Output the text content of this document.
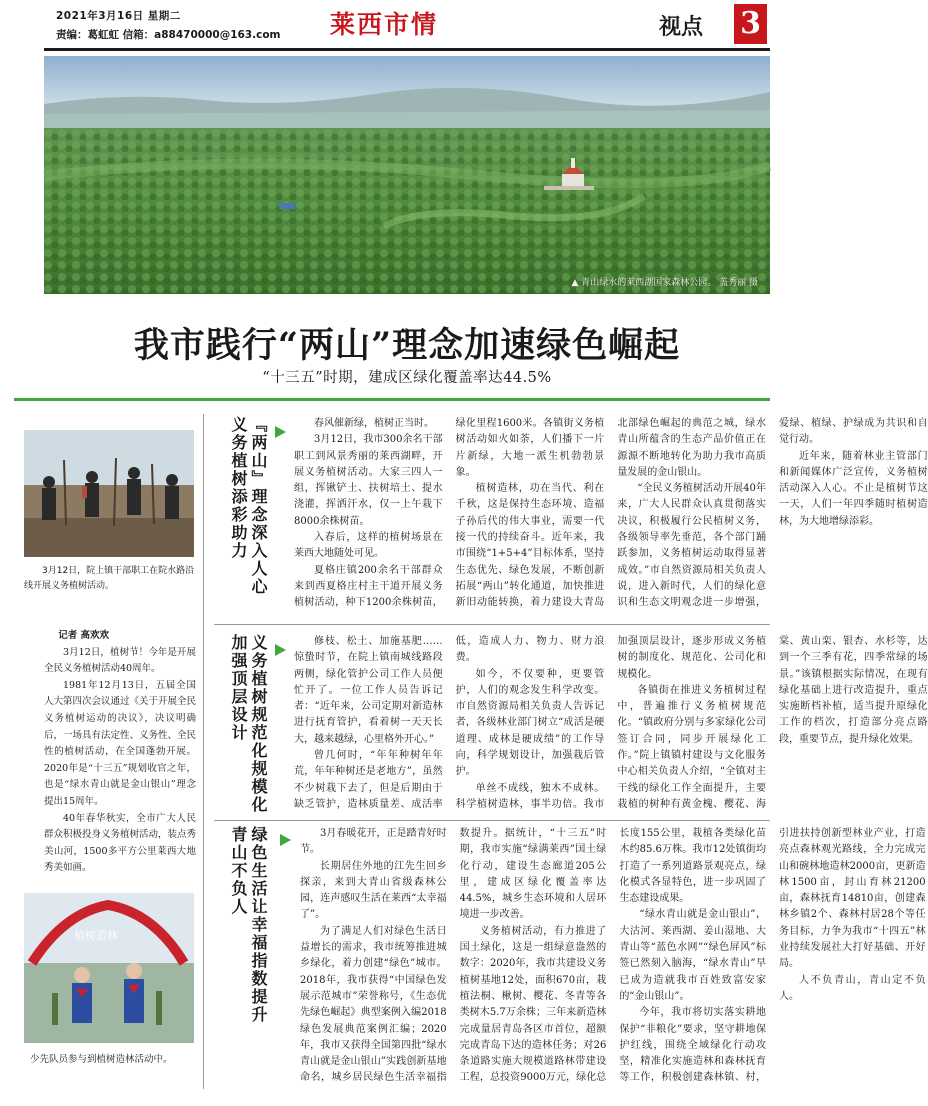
2021年3月16日 星期二
责编：葛虹虹 信箱：a88470000@163.com 莱西市情	视点 3
▲ 青山绿水的莱西湖国家森林公园。 盖秀丽 摄
我市践行“两山”理念加速绿色崛起
“十三五”时期，建成区绿化覆盖率达44.5%
3月12日，院上镇干部职工在院水路沿线开展义务植树活动。

记者 高欢欢

3月12日，植树节！今年是开展全民义务植树活动40周年。

1981年12月13日，五届全国人大第四次会议通过《关于开展全民义务植树运动的决议》，决议明确后，一场具有法定性、义务性、全民性的植树活动，在全国蓬勃开展。2020年是“十三五”规划收官之年，也是“绿水青山就是金山银山”理念提出15周年。

40年春华秋实，全市广大人民群众积极投身义务植树活动，装点秀美山河，1500多平方公里莱西大地秀美如画。

植树造林
少先队员参与到植树造林活动中。
『两山』理念深入人心 义务植树添彩助力	春风催新绿，植树正当时。

3月12日，我市300余名干部职工到风景秀丽的莱西湖畔，开展义务植树活动。大家三四人一组，挥锹铲土、扶树培土、提水浇灌，挥洒汗水，仅一上午栽下8000余株树苗。

入春后，这样的植树场景在莱西大地随处可见。

夏格庄镇200余名干部群众来到西夏格庄村主干道开展义务植树活动，种下1200余株树苗，绿化里程1600米。各镇街义务植树活动如火如荼，人们播下一片片新绿，大地一派生机勃勃景象。

植树造林，功在当代、利在千秋，这是保持生态环境、造福子孙后代的伟大事业，需要一代接一代的持续奋斗。近年来，我市围绕“1+5+4”目标体系，坚持生态优先、绿色发展，不断创新拓展“两山”转化通道，加快推进新旧动能转换，着力建设大青岛北部绿色崛起的典范之城，绿水青山所蕴含的生态产品价值正在源源不断地转化为助力我市高质量发展的金山银山。

“全民义务植树活动开展40年来，广大人民群众认真贯彻落实决议，积极履行公民植树义务，各级领导率先垂范，各个部门踊跃参加，义务植树运动取得显著成效。”市自然资源局相关负责人说，进入新时代，人们的绿化意识和生态文明观念进一步增强，爱绿、植绿、护绿成为共识和自觉行动。

近年来，随着林业主管部门和新闻媒体广泛宣传，义务植树活动深入人心。不止是植树节这一天，人们一年四季随时植树造林，为大地增绿添彩。

义务植树规范化规模化 加强顶层设计	修枝、松土、加施基肥……惊蛰时节，在院上镇南城线路段两侧，绿化管护公司工作人员便忙开了。一位工作人员告诉记者：“近年来，公司定期对新造林进行抚育管护，看着树一天天长大，越来越绿，心里格外开心。”

曾几何时，“年年种树年年荒，年年种树还是老地方”，虽然不少树栽下去了，但是后期由于缺乏管护，造林质量差、成活率低，造成人力、物力、财力浪费。

如今，不仅要种，更要管护，人们的观念发生科学改变。市自然资源局相关负责人告诉记者，各级林业部门树立“成活是硬道理、成林是硬成绩”的工作导向，科学规划设计，加强栽后管护。

单丝不成线，独木不成林。科学植树造林，事半功倍。我市加强顶层设计，逐步形成义务植树的制度化、规范化、公司化和规模化。

各镇街在推进义务植树过程中，普遍推行义务植树规范化。“镇政府分别与多家绿化公司签订合同，同步开展绿化工作。”院上镇镇村建设与文化服务中心相关负责人介绍，“全镇对主干线的绿化工作全面提升，主要栽植的树种有黄金槐、樱花、海棠、黄山栾、银杏、水杉等，达到一个三季有花，四季常绿的场景。”该镇根据实际情况，在现有绿化基础上进行改造提升，重点实施断档补植，适当提升原绿化工作的档次，打造部分亮点路段，重要节点，提升绿化效果。

绿色生活让幸福指数提升 青山不负人	3月春暖花开，正是踏青好时节。

长期居住外地的江先生回乡探亲，来到大青山省级森林公园，连声感叹生活在莱西“太幸福了”。

为了满足人们对绿色生活日益增长的需求，我市统筹推进城乡绿化，着力创建“绿色”城市。2018年，我市获得“中国绿色发展示范城市”荣誉称号，《生态优先绿色崛起》典型案例入编2018绿色发展典范案例汇编；2020年，我市又获得全国第四批“绿水青山就是金山银山”实践创新基地命名，城乡居民绿色生活幸福指数提升。据统计，“十三五”时期，我市实施“绿满莱西”国土绿化行动，建设生态廊道205公里，建成区绿化覆盖率达44.5%，城乡生态环境和人居环境进一步改善。

义务植树活动，有力推进了国土绿化，这是一组绿意盎然的数字：2020年，我市共建设义务植树基地12处，面积670亩，栽植法桐、楸树、樱花、冬青等各类树木5.7万余株；三年来新造林完成量居青岛各区市首位，超额完成青岛下达的造林任务；对26条道路实施大规模道路林带建设工程，总投资9000万元，绿化总长度155公里，栽植各类绿化苗木约85.6万株。我市12处镇街均打造了一系列道路景观亮点，绿化模式各显特色，进一步巩固了生态建设成果。

“绿水青山就是金山银山”，大沽河、莱西湖、姜山湿地、大青山等“蓝色水网”“绿色屏风”标签已然刻入脑海，“绿水青山”早已成为造就我市百姓致富安家的“金山银山”。

今年，我市将切实落实耕地保护“非粮化”要求，坚守耕地保护红线，围绕全域绿化行动攻坚，精准化实施造林和森林抚育等工作，积极创建森林镇、村，引进扶持创新型林业产业，打造亮点森林观光路线，全力完成完山和碗林地造林2000亩，更新造林1500亩，封山育林21200亩，森林抚育14810亩，创建森林乡镇2个、森林村居28个等任务目标，力争为我市“十四五”林业持续发展社大打好基础、开好局。

人不负青山，青山定不负人。
